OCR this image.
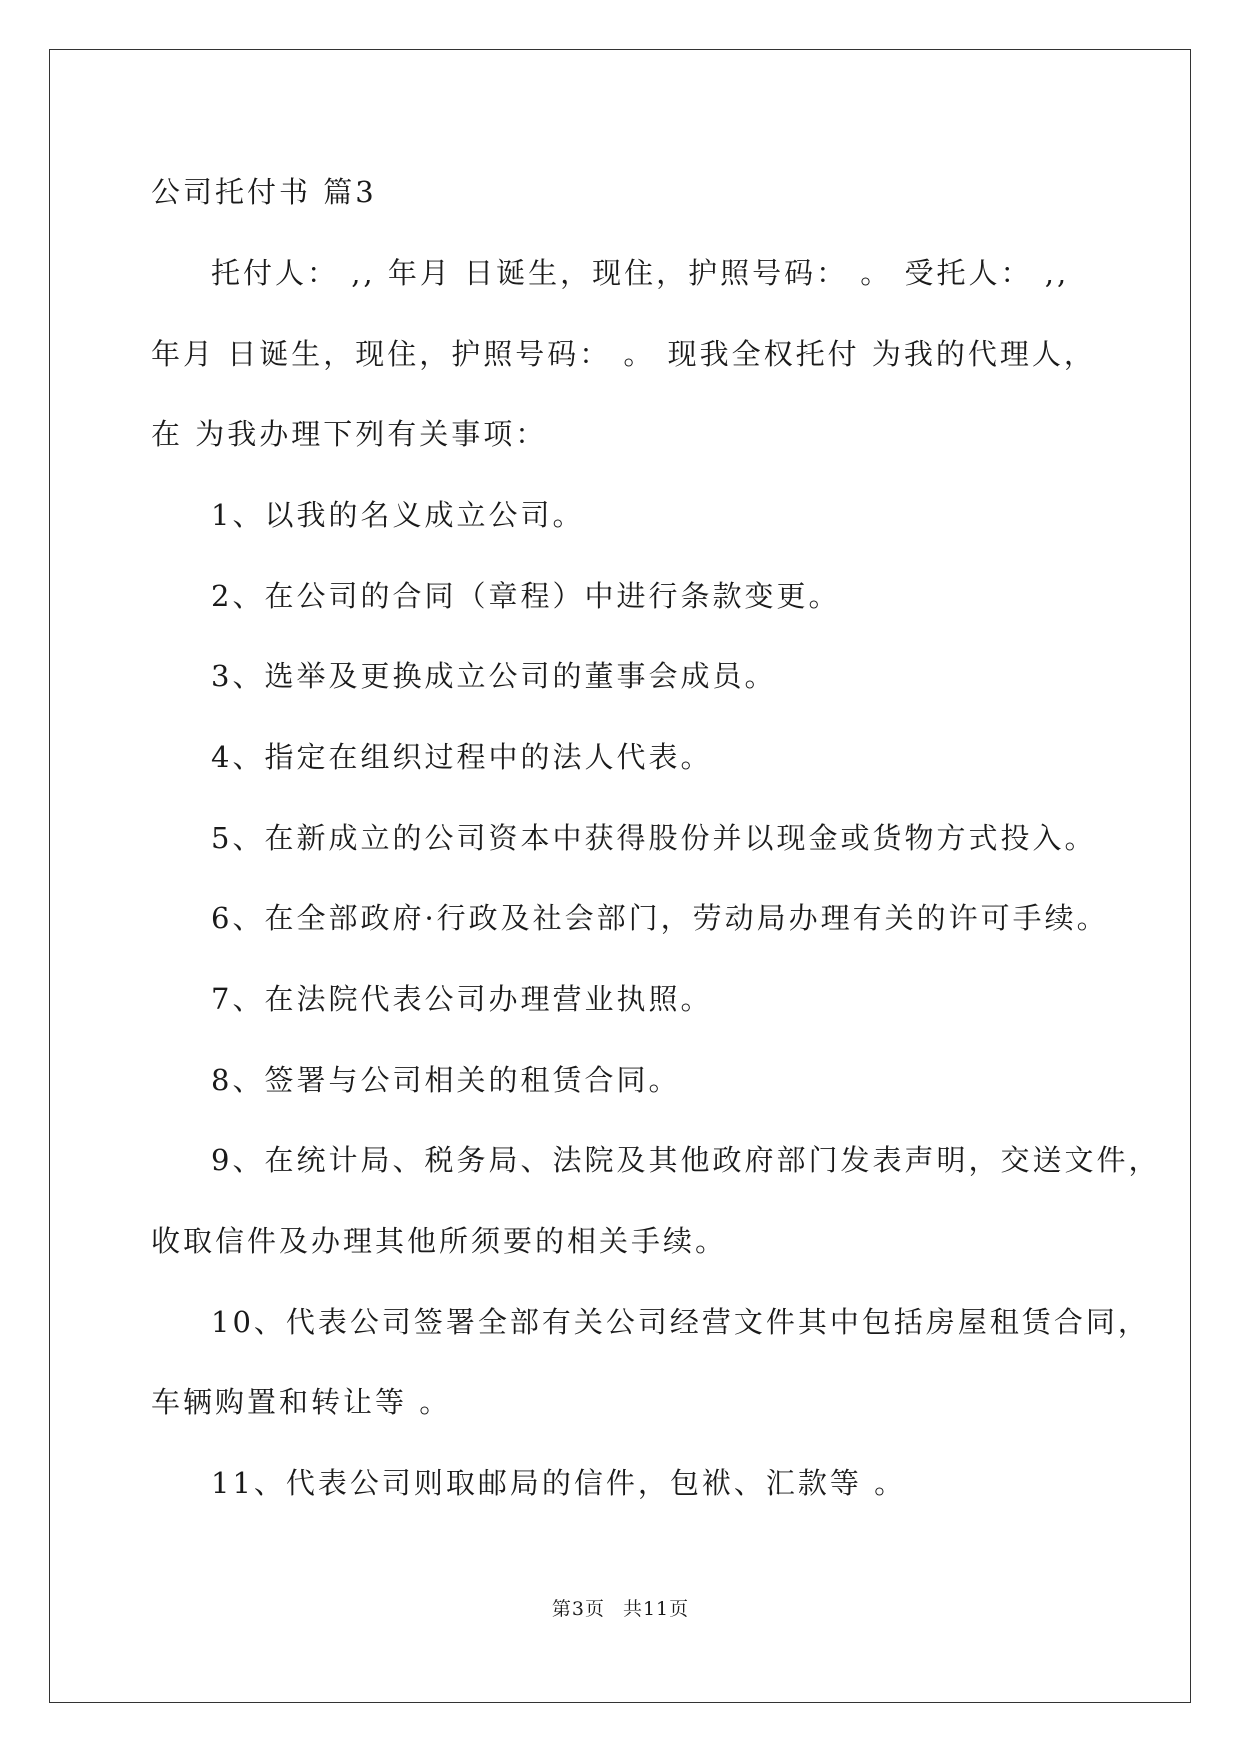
公司托付书 篇3
托付人： ,, 年月 日诞生，现住，护照号码： 。 受托人： ,,
年月 日诞生，现住，护照号码： 。 现我全权托付 为我的代理人，
在 为我办理下列有关事项：
1、以我的名义成立公司。
2、在公司的合同（章程）中进行条款变更。
3、选举及更换成立公司的董事会成员。
4、指定在组织过程中的法人代表。
5、在新成立的公司资本中获得股份并以现金或货物方式投入。
6、在全部政府·行政及社会部门，劳动局办理有关的许可手续。
7、在法院代表公司办理营业执照。
8、签署与公司相关的租赁合同。
9、在统计局、税务局、法院及其他政府部门发表声明，交送文件，
收取信件及办理其他所须要的相关手续。
10、代表公司签署全部有关公司经营文件其中包括房屋租赁合同，
车辆购置和转让等 。
11、代表公司则取邮局的信件，包袱、汇款等 。
第3页 共11页
